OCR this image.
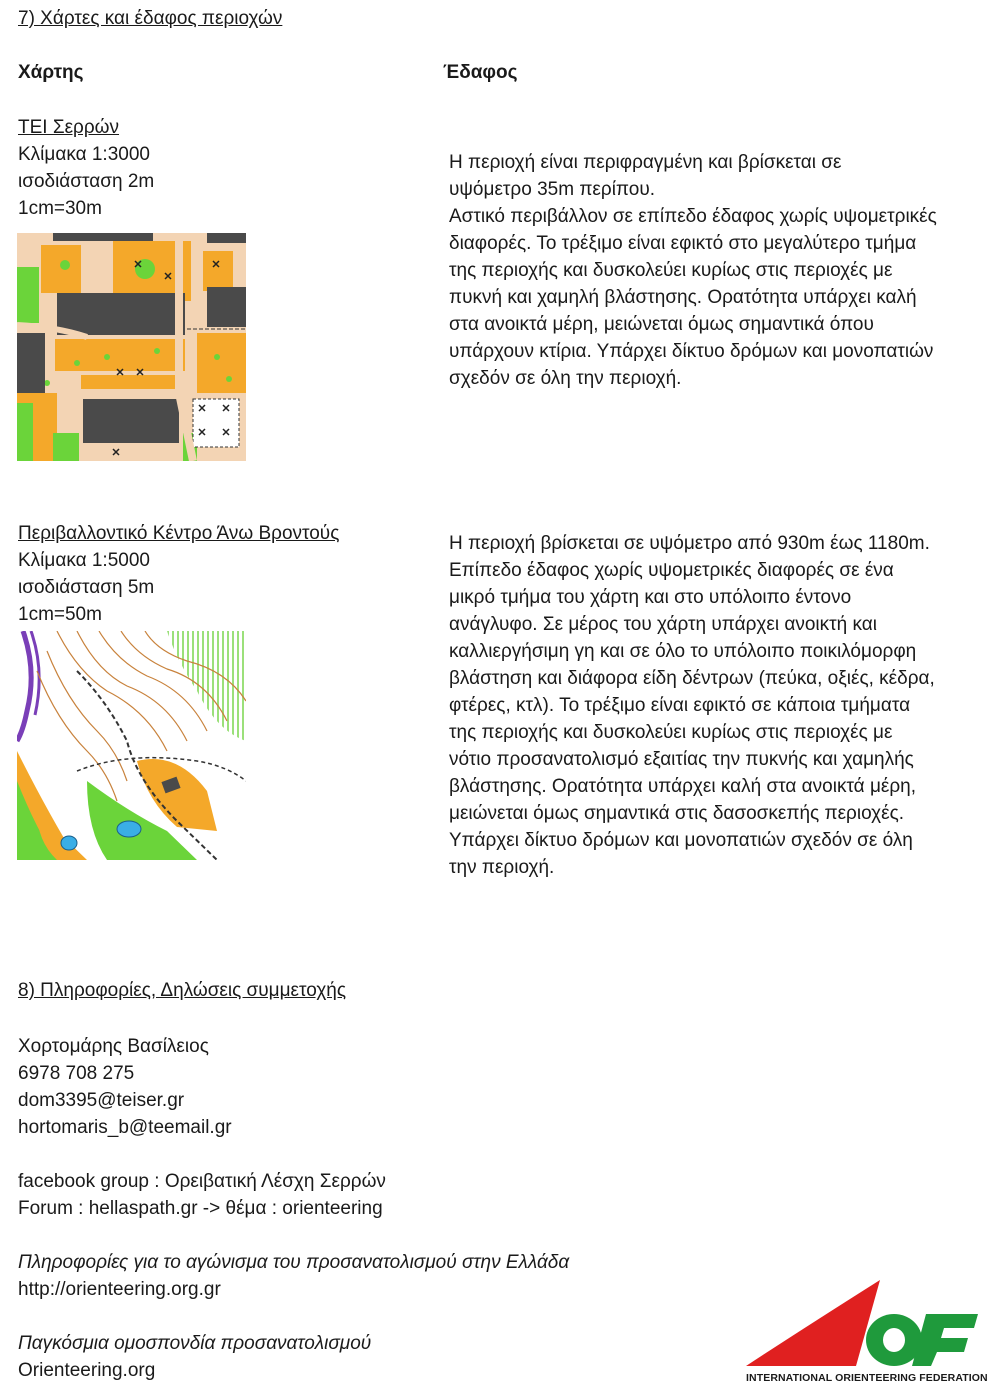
7) Χάρτες και έδαφος περιοχών
Χάρτης	Έδαφος
ΤΕΙ Σερρών
Κλίμακα 1:3000
ισοδιάσταση 2m
1cm=30m
Η περιοχή είναι περιφραγμένη και βρίσκεται σε
υψόμετρο 35m περίπου.
Αστικό περιβάλλον σε επίπεδο έδαφος χωρίς υψομετρικές
διαφορές. Το τρέξιμο είναι εφικτό στο μεγαλύτερο τμήμα
της περιοχής και δυσκολεύει κυρίως στις περιοχές με
πυκνή και χαμηλή βλάστησης. Ορατότητα υπάρχει καλή
στα ανοικτά μέρη, μειώνεται όμως σημαντικά όπου
υπάρχουν κτίρια. Υπάρχει δίκτυο δρόμων και μονοπατιών
σχεδόν σε όλη την περιοχή.
Περιβαλλοντικό Κέντρο Άνω Βροντούς
Κλίμακα 1:5000
ισοδιάσταση 5m
1cm=50m
Η περιοχή βρίσκεται σε υψόμετρο από 930m έως 1180m.
Επίπεδο έδαφος χωρίς υψομετρικές διαφορές σε ένα
μικρό τμήμα του χάρτη και στο υπόλοιπο έντονο
ανάγλυφο. Σε μέρος του χάρτη υπάρχει ανοικτή και
καλλιεργήσιμη γη και σε όλο το υπόλοιπο ποικιλόμορφη
βλάστηση και διάφορα είδη δέντρων (πεύκα, οξιές, κέδρα,
φτέρες, κτλ). Το τρέξιμο είναι εφικτό σε κάποια τμήματα
της περιοχής και δυσκολεύει κυρίως στις περιοχές με
νότιο προσανατολισμό εξαιτίας την πυκνής και χαμηλής
βλάστησης. Ορατότητα υπάρχει καλή στα ανοικτά μέρη,
μειώνεται όμως σημαντικά στις δασοσκεπής περιοχές.
Υπάρχει δίκτυο δρόμων και μονοπατιών σχεδόν σε όλη
την περιοχή.
8) Πληροφορίες, Δηλώσεις συμμετοχής
Χορτομάρης Βασίλειος
6978 708 275
dom3395@teiser.gr
hortomaris_b@teemail.gr
facebook group : Ορειβατική Λέσχη Σερρών
Forum : hellaspath.gr -> θέμα : orienteering
Πληροφορίες για το αγώνισμα του προσανατολισμού στην Ελλάδα
http://orienteering.org.gr
Παγκόσμια ομοσπονδία προσανατολισμού
Orienteering.org	INTERNATIONAL ORIENTEERING FEDERATION
